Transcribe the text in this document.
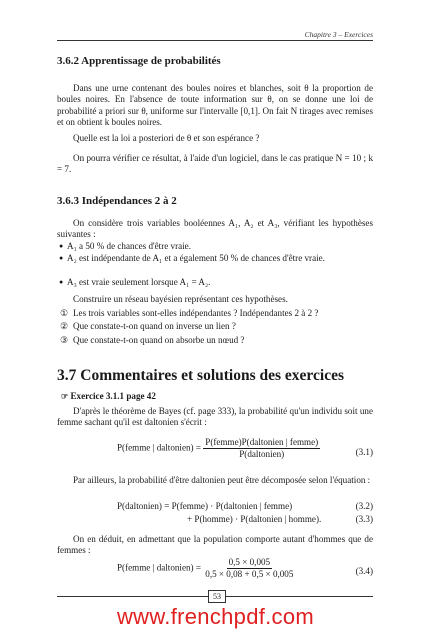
Chapitre 3 – Exercices
3.6.2 Apprentissage de probabilités
Dans une urne contenant des boules noires et blanches, soit θ la proportion de boules noires. En l'absence de toute information sur θ, on se donne une loi de probabilité a priori sur θ, uniforme sur l'intervalle [0,1]. On fait N tirages avec remises et on obtient k boules noires.
Quelle est la loi a posteriori de θ et son espérance ?
On pourra vérifier ce résultat, à l'aide d'un logiciel, dans le cas pratique N = 10 ; k = 7.
3.6.3 Indépendances 2 à 2
On considère trois variables booléennes A₁, A₂ et A₃, vérifiant les hypothèses suivantes :
● A₁ a 50 % de chances d'être vraie.
● A₂ est indépendante de A₁ et a également 50 % de chances d'être vraie.
● A₃ est vraie seulement lorsque A₁ = A₂.
Construire un réseau bayésien représentant ces hypothèses.
① Les trois variables sont-elles indépendantes ? Indépendantes 2 à 2 ?
② Que constate-t-on quand on inverse un lien ?
③ Que constate-t-on quand on absorbe un nœud ?
3.7 Commentaires et solutions des exercices
☞ Exercice 3.1.1 page 42
D'après le théorème de Bayes (cf. page 333), la probabilité qu'un individu soit une femme sachant qu'il est daltonien s'écrit :
P(femme | daltonien) = $\frac{\text{P(femme)P(daltonien | femme)}}{\text{P(daltonien)}}$	(3.1)
Par ailleurs, la probabilité d'être daltonien peut être décomposée selon l'équation :
P(daltonien) = P(femme) · P(daltonien | femme)	(3.2)
+ P(homme) · P(daltonien | homme).	(3.3)
On en déduit, en admettant que la population comporte autant d'hommes que de femmes :
P(femme | daltonien) = $\frac{0,5 \times 0,005}{0,5 \times 0,08 + 0,5 \times 0,005}$	(3.4)
53
www.frenchpdf.com
